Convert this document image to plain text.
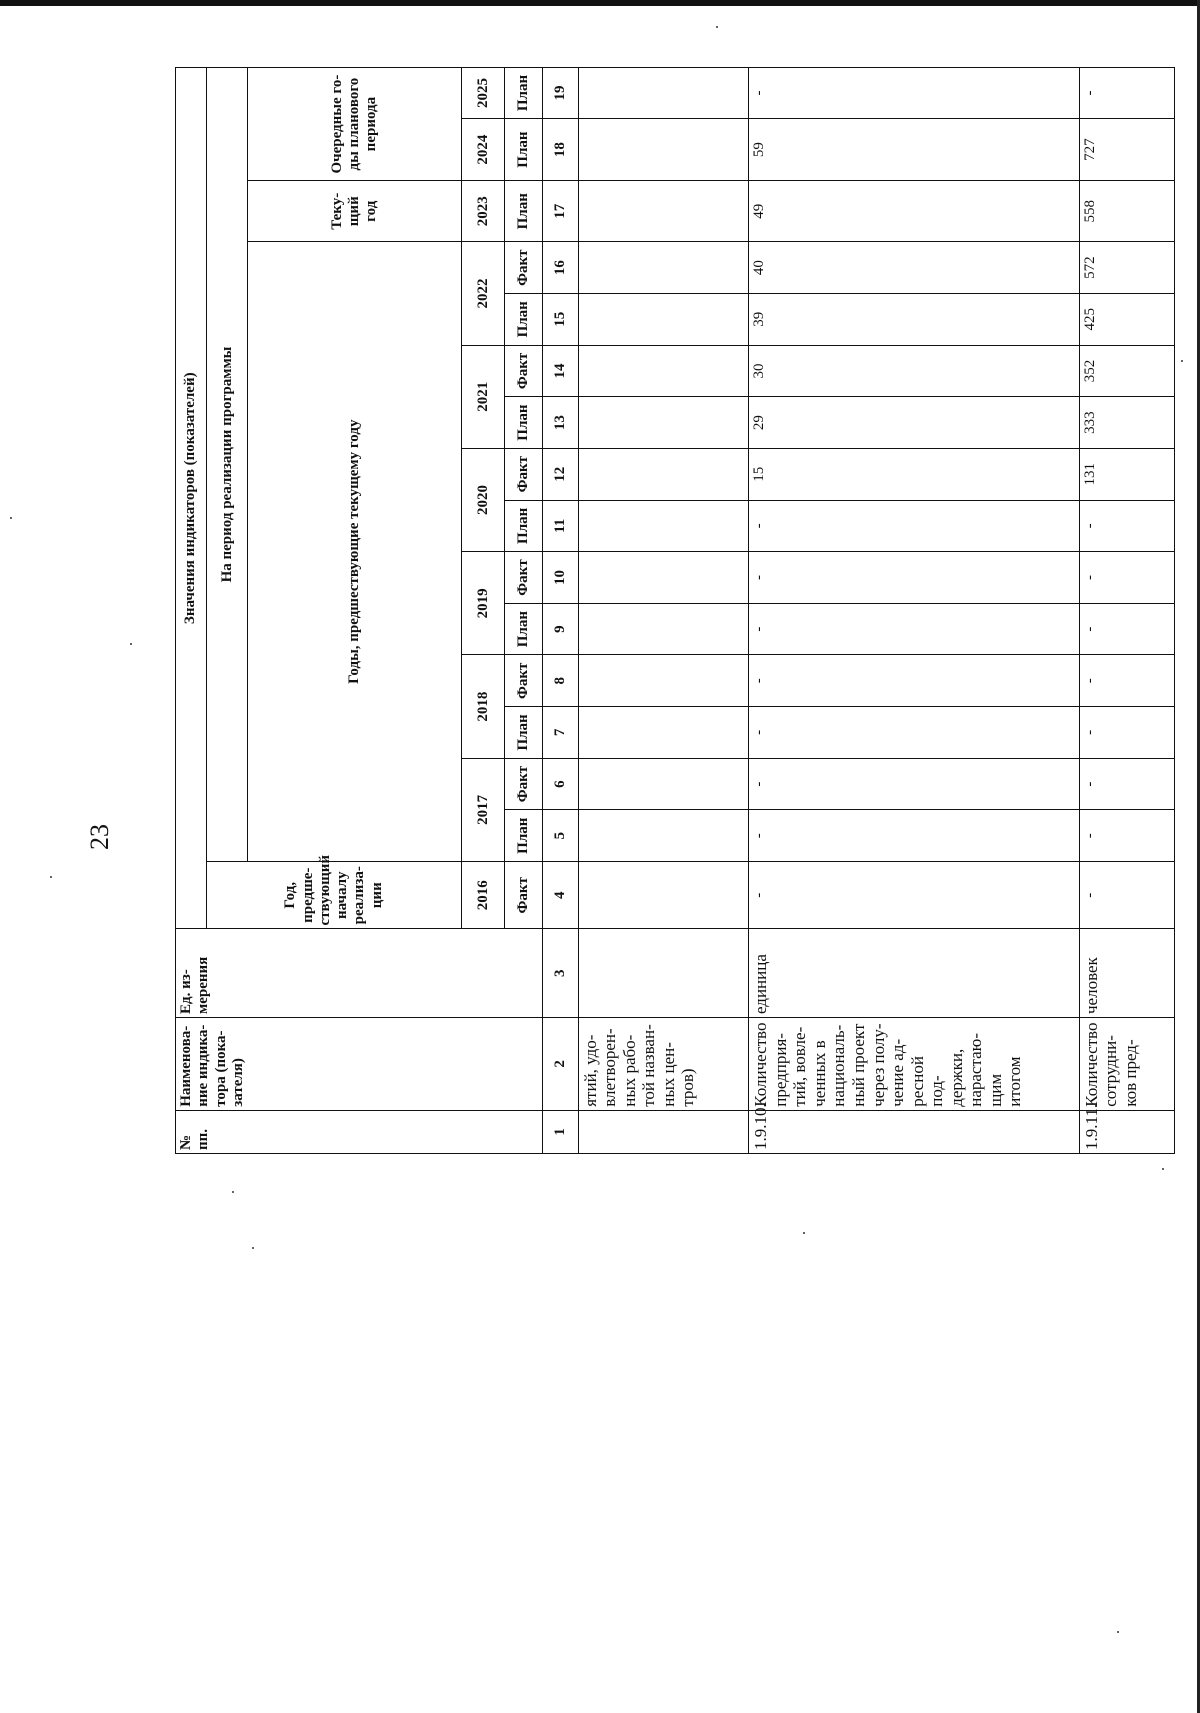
23
№ пп.	Наименова-ние индика-тора (пока-зателя)	Ед. из-мерения	Значения индикаторов (показателей)															
			Год, предше-ствующий началу реализа-ции	На период реализации программы														
				Годы, предшествующие текущему году												Теку-щий год	Очередные го-ды планового периода	
			2016	2017		2018		2019		2020		2021		2022		2023	2024	2025
			Факт	План	Факт	План	Факт	План	Факт	План	Факт	План	Факт	План	Факт	План	План	План
1	2	3	4	5	6	7	8	9	10	11	12	13	14	15	16	17	18	19
	ятий, удо-влетворен-ных рабо-той назван-ных цен-тров)																	
1.9.10.	Количество предприя-тий, вовле-ченных в националь-ный проект через полу-чение ад-ресной под-держки, нарастаю-щим итогом	единица	-	-	-	-	-	-	-	-	15	29	30	39	40	49	59	-
1.9.11.	Количество сотрудни-ков пред-	человек	-	-	-	-	-	-	-	-	131	333	352	425	572	558	727	-
